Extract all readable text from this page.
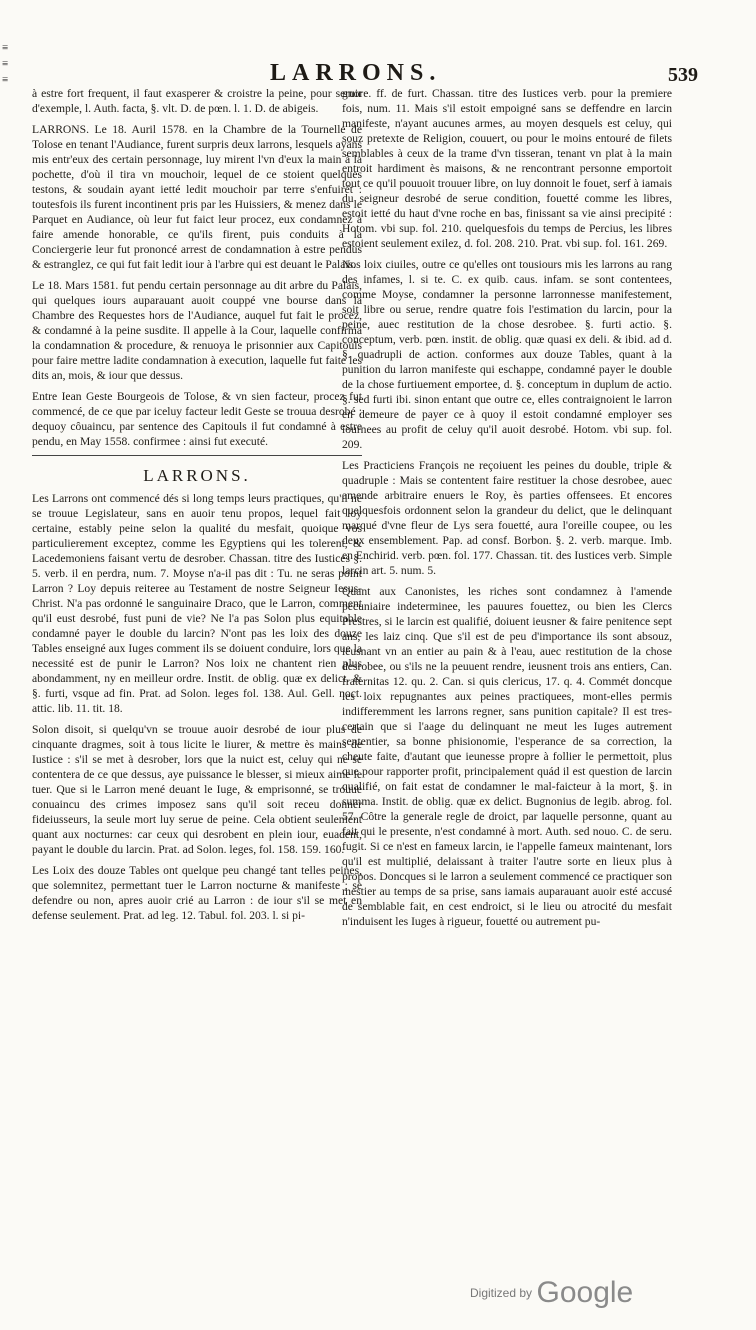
≡
≡
≡	LARRONS.	539

à estre fort frequent, il faut exasperer & croistre la peine, pour seruir d'exemple, l. Auth. facta, §. vlt. D. de pœn. l. 1. D. de abigeis.

LARRONS. Le 18. Auril 1578. en la Chambre de la Tournelle de Tolose en tenant l'Audiance, furent surpris deux larrons, lesquels ayans mis entr'eux des certain personnage, luy mirent l'vn d'eux la main à la pochette, d'où il tira vn mouchoir, lequel de ce stoient quelques testons, & soudain ayant ietté ledit mouchoir par terre s'enfuirét : toutesfois ils furent incontinent pris par les Huissiers, & menez dans le Parquet en Audiance, où leur fut faict leur procez, eux condamnez à faire amende honorable, ce qu'ils firent, puis conduits à la Conciergerie leur fut prononcé arrest de condamnation à estre pendus & estranglez, ce qui fut fait ledit iour à l'arbre qui est deuant le Palais.

Le 18. Mars 1581. fut pendu certain personnage au dit arbre du Palais, qui quelques iours auparauant auoit couppé vne bourse dans la Chambre des Requestes hors de l'Audiance, auquel fut fait le procez, & condamné à la peine susdite. Il appelle à la Cour, laquelle confirma la condamnation & procedure, & renuoya le prisonnier aux Capitouls pour faire mettre ladite condamnation à execution, laquelle fut faite les dits an, mois, & iour que dessus.

Entre Iean Geste Bourgeois de Tolose, & vn sien facteur, procez fut commencé, de ce que par iceluy facteur ledit Geste se trouua desrobé : dequoy côuaincu, par sentence des Capitouls il fut condamné à estre pendu, en May 1558. confirmee : ainsi fut executé.

LARRONS.

Les Larrons ont commencé dés si long temps leurs practiques, qu'il ne se trouue Legislateur, sans en auoir tenu propos, lequel fait loy certaine, estably peine selon la qualité du mesfait, quoique vos particulierement exceptez, comme les Egyptiens qui les tolerent, & Lacedemoniens faisant vertu de desrober. Chassan. titre des Iustices §. 5. verb. il en perdra, num. 7. Moyse n'a-il pas dit : Tu. ne seras point Larron ? Loy depuis reiteree au Testament de nostre Seigneur Iesus-Christ. N'a pas ordonné le sanguinaire Draco, que le Larron, comment qu'il eust desrobé, fust puni de vie? Ne l'a pas Solon plus equitable condamné payer le double du larcin? N'ont pas les loix des douze Tables enseigné aux Iuges comment ils se doiuent conduire, lors que la necessité est de punir le Larron? Nos loix ne chantent rien plus abondamment, ny en meilleur ordre. Instit. de oblig. quæ ex delict. & §. furti, vsque ad fin. Prat. ad Solon. leges fol. 138. Aul. Gell. noct. attic. lib. 11. tit. 18.

Solon disoit, si quelqu'vn se trouue auoir desrobé de iour plus de cinquante dragmes, soit à tous licite le liurer, & mettre ès mains de Iustice : s'il se met à desrober, lors que la nuict est, celuy qui ne se contentera de ce que dessus, aye puissance le blesser, si mieux aime le tuer. Que si le Larron mené deuant le Iuge, & emprisonné, se trouue conuaincu des crimes imposez sans qu'il soit receu donner fideiusseurs, la seule mort luy serue de peine. Cela obtient seulement quant aux nocturnes: car ceux qui desrobent en plein iour, euadent, payant le double du larcin. Prat. ad Solon. leges, fol. 158. 159. 160.

Les Loix des douze Tables ont quelque peu changé tant telles peines, que solemnitez, permettant tuer le Larron nocturne & manifeste ; se defendre ou non, apres auoir crié au Larron : de iour s'il se met en defense seulement. Prat. ad leg. 12. Tabul. fol. 203. l. si pi-

gnore. ff. de furt. Chassan. titre des Iustices verb. pour la premiere fois, num. 11. Mais s'il estoit empoigné sans se deffendre en larcin manifeste, n'ayant aucunes armes, au moyen desquels est celuy, qui souz pretexte de Religion, couuert, ou pour le moins entouré de filets semblables à ceux de la trame d'vn tisseran, tenant vn plat à la main entroit hardiment ès maisons, & ne rencontrant personne emportoit tout ce qu'il pouuoit trouuer libre, on luy donnoit le fouet, serf à iamais du seigneur desrobé de serue condition, fouetté comme les libres, estoit ietté du haut d'vne roche en bas, finissant sa vie ainsi precipité : Hotom. vbi sup. fol. 210. quelquesfois du temps de Percius, les libres estoient seulement exilez, d. fol. 208. 210. Prat. vbi sup. fol. 161. 269.

Nos loix ciuiles, outre ce qu'elles ont tousiours mis les larrons au rang des infames, l. si te. C. ex quib. caus. infam. se sont contentees, comme Moyse, condamner la personne larronnesse manifestement, soit libre ou serue, rendre quatre fois l'estimation du larcin, pour la peine, auec restitution de la chose desrobee. §. furti actio. §. conceptum, verb. pœn. instit. de oblig. quæ quasi ex deli. & ibid. ad d. §. quadrupli de action. conformes aux douze Tables, quant à la punition du larron manifeste qui eschappe, condamné payer le double de la chose furtiuement emportee, d. §. conceptum in duplum de actio. §. sed furti ibi. sinon entant que outre ce, elles contraignoient le larron en demeure de payer ce à quoy il estoit condamné employer ses iournees au profit de celuy qu'il auoit desrobé. Hotom. vbi sup. fol. 209.

Les Practiciens François ne reçoiuent les peines du double, triple & quadruple : Mais se contentent faire restituer la chose desrobee, auec amende arbitraire enuers le Roy, ès parties offensees. Et encores quelquesfois ordonnent selon la grandeur du delict, que le delinquant marqué d'vne fleur de Lys sera fouetté, aura l'oreille coupee, ou les deux ensemblement. Pap. ad consf. Borbon. §. 2. verb. marque. Imb. en Enchirid. verb. pœn. fol. 177. Chassan. tit. des Iustices verb. Simple larcin art. 5. num. 5.

Quant aux Canonistes, les riches sont condamnez à l'amende pecuniaire indeterminee, les pauures fouettez, ou bien les Clercs Prestres, si le larcin est qualifié, doiuent ieusner & faire penitence sept ans, les laiz cinq. Que s'il est de peu d'importance ils sont absouz, ieusnant vn an entier au pain & à l'eau, auec restitution de la chose desrobee, ou s'ils ne la peuuent rendre, ieusnent trois ans entiers, Can. fraternitas 12. qu. 2. Can. si quis clericus, 17. q. 4. Commét doncque les loix repugnantes aux peines practiquees, mont-elles permis indifferemment les larrons regner, sans punition capitale? Il est tres-certain que si l'aage du delinquant ne meut les Iuges autrement sententier, sa bonne phisionomie, l'esperance de sa correction, la cheute faite, d'autant que ieunesse propre à follier le permettoit, plus que pour rapporter profit, principalement quád il est question de larcin qualifié, on fait estat de condamner le mal-faicteur à la mort, §. in summa. Instit. de oblig. quæ ex delict. Bugnonius de legib. abrog. fol. 57. Côtre la generale regle de droict, par laquelle personne, quant au fait qui le presente, n'est condamné à mort. Auth. sed nouo. C. de seru. fugit. Si ce n'est en fameux larcin, ie l'appelle fameux maintenant, lors qu'il est multiplié, delaissant à traiter l'autre sorte en lieux plus à propos. Doncques si le larron a seulement commencé ce practiquer son mestier au temps de sa prise, sans iamais auparauant auoir esté accusé de semblable fait, en cest endroict, si le lieu ou atrocité du mesfait n'induisent les Iuges à rigueur, fouetté ou autrement pu-

Digitized by Google
